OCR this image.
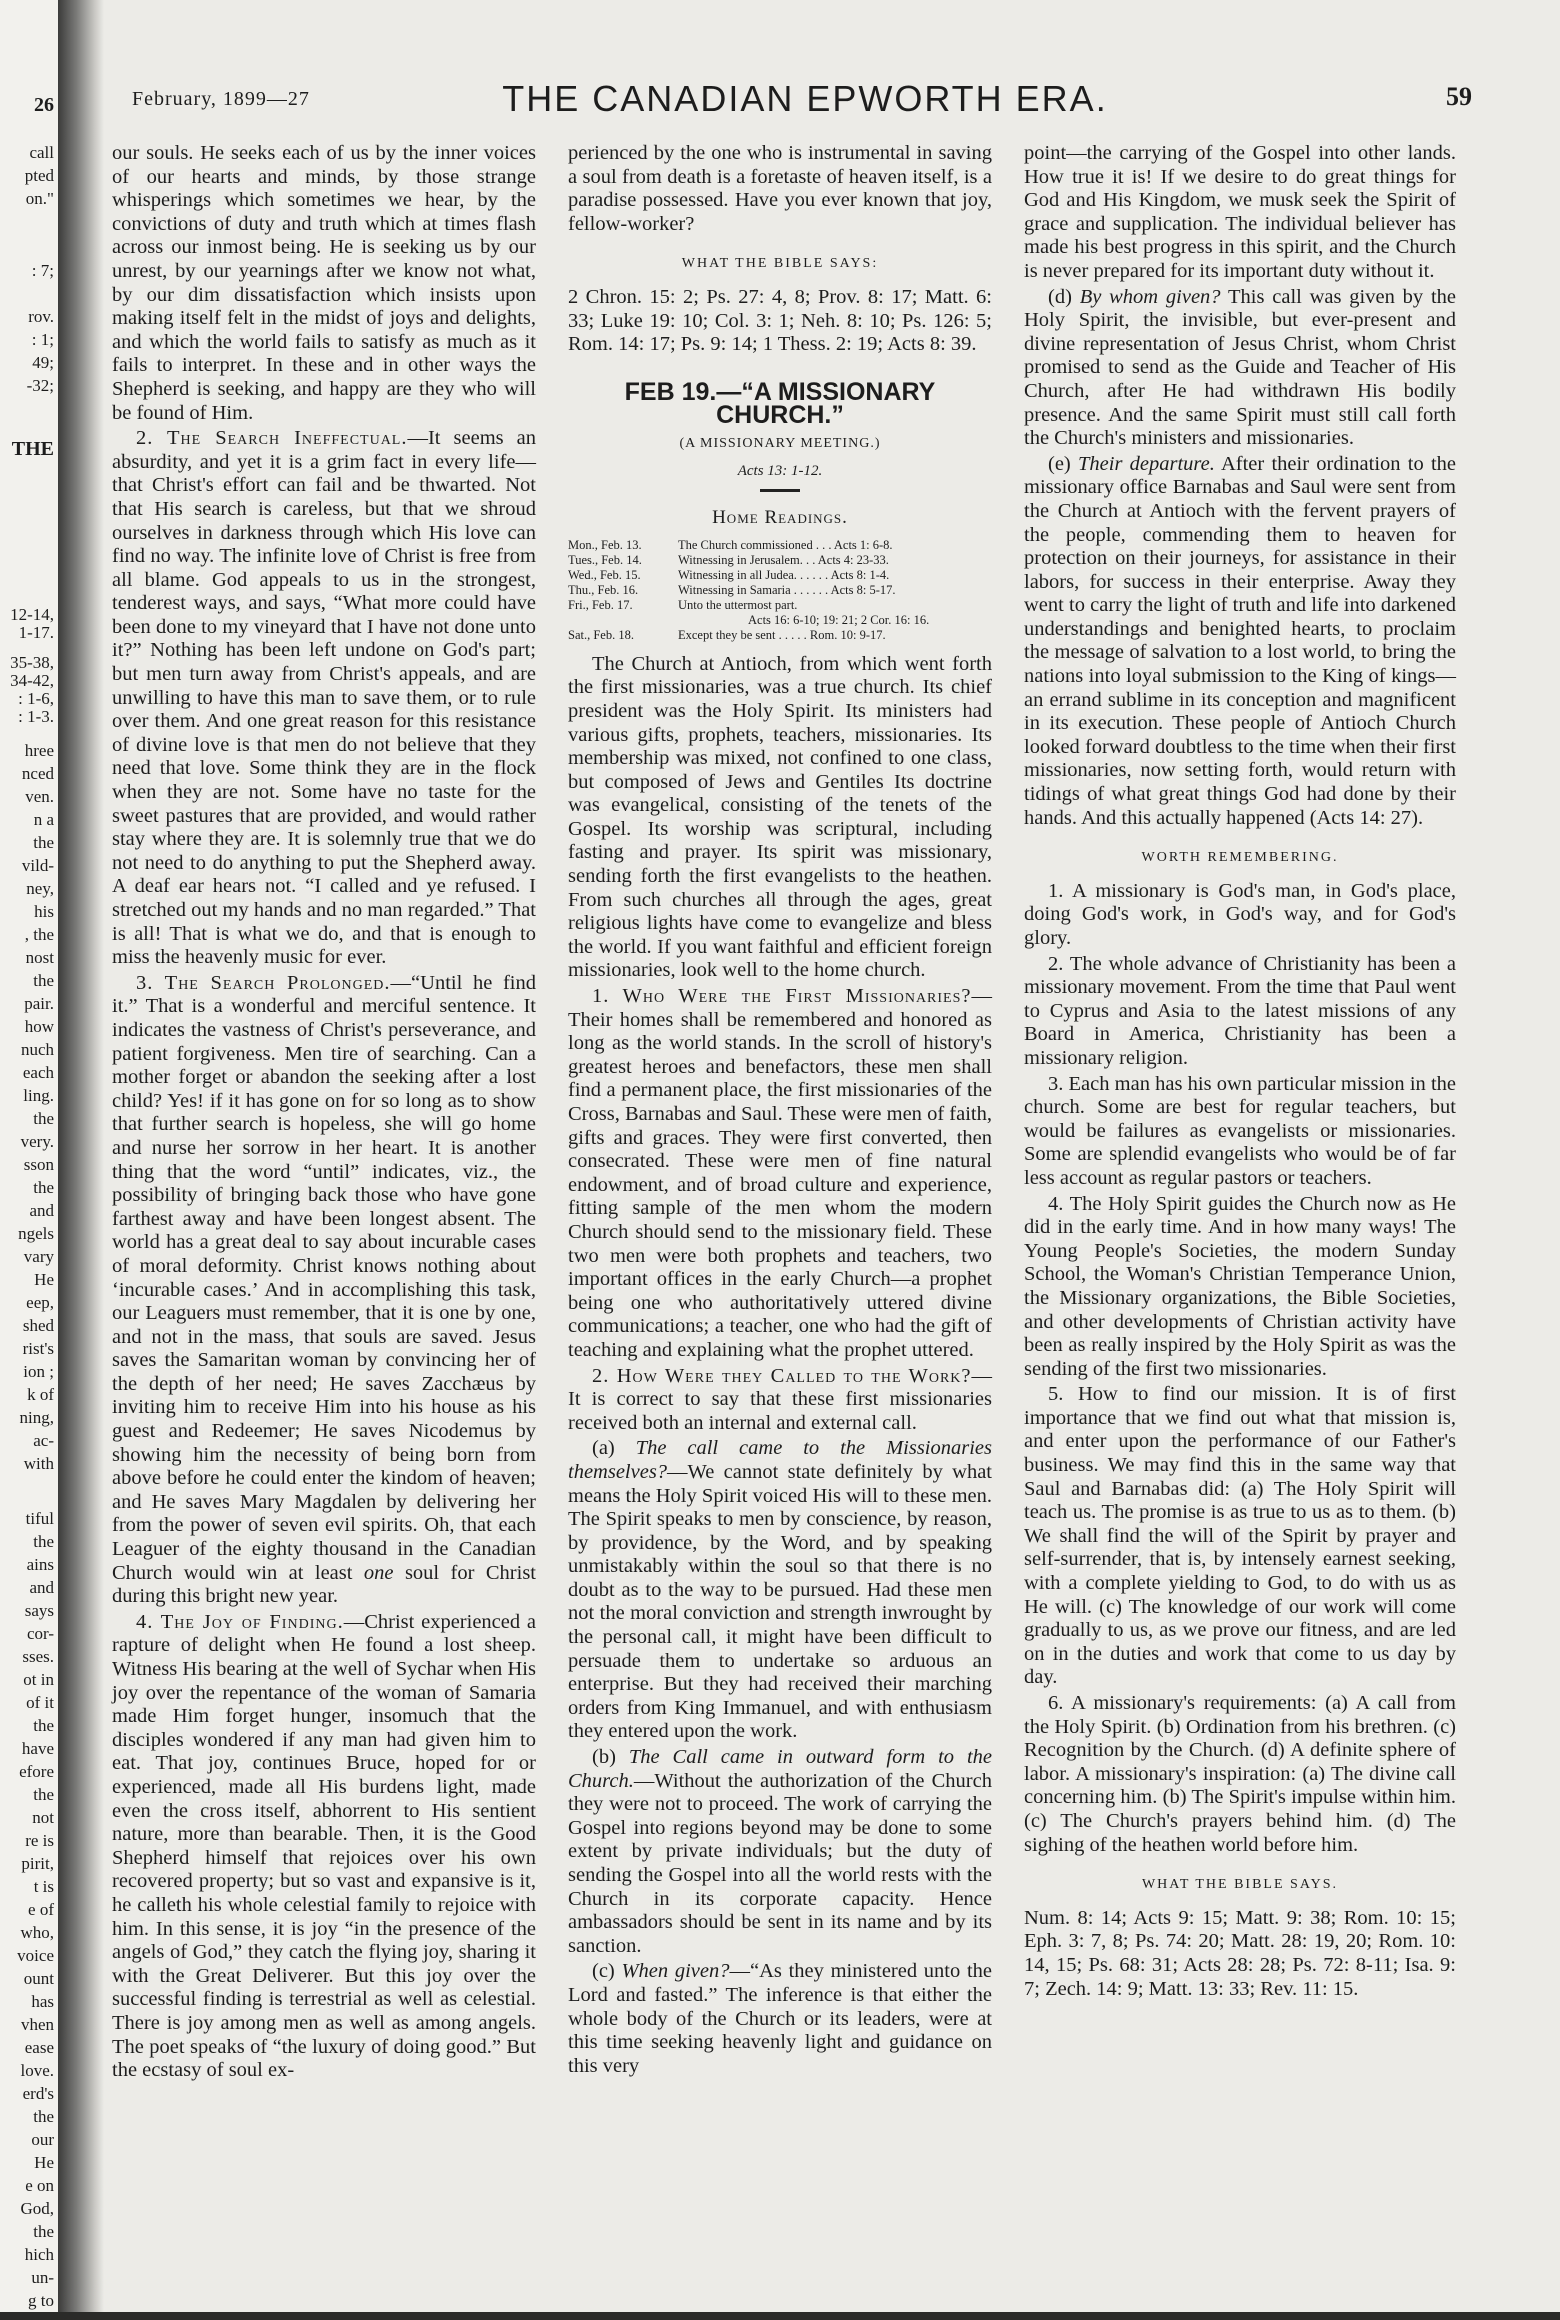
26
call
pted
on."
: 7;
rov.
: 1;
49;
-32;
THE
12-14,
1-17.
35-38,
34-42,
: 1-6,
: 1-3.
hree
nced
ven.
n a
the
vild-
ney,
his
, the
nost
the
pair.
how
nuch
each
ling.
the
very.
sson
the
and
ngels
vary
He
eep,
shed
rist's
ion ;
k of
ning,
ac-
with
tiful
the
ains
and
says
cor-
sses.
ot in
of it
the
have
efore
the
not
re is
pirit,
t is
e of
who,
voice
ount
has
vhen
ease
love.
erd's
the
our
He
e on
God,
the
hich
un-
g to
February, 1899—27	THE CANADIAN EPWORTH ERA.	59

our souls. He seeks each of us by the inner voices of our hearts and minds, by those strange whisperings which sometimes we hear, by the convictions of duty and truth which at times flash across our inmost being. He is seeking us by our unrest, by our yearnings after we know not what, by our dim dissatisfaction which insists upon making itself felt in the midst of joys and delights, and which the world fails to satisfy as much as it fails to interpret. In these and in other ways the Shepherd is seeking, and happy are they who will be found of Him.

2. The Search Ineffectual.—It seems an absurdity, and yet it is a grim fact in every life—that Christ's effort can fail and be thwarted. Not that His search is careless, but that we shroud ourselves in darkness through which His love can find no way. The infinite love of Christ is free from all blame. God appeals to us in the strongest, tenderest ways, and says, “What more could have been done to my vineyard that I have not done unto it?” Nothing has been left undone on God's part; but men turn away from Christ's appeals, and are unwilling to have this man to save them, or to rule over them. And one great reason for this resistance of divine love is that men do not believe that they need that love. Some think they are in the flock when they are not. Some have no taste for the sweet pastures that are provided, and would rather stay where they are. It is solemnly true that we do not need to do anything to put the Shepherd away. A deaf ear hears not. “I called and ye refused. I stretched out my hands and no man regarded.” That is all! That is what we do, and that is enough to miss the heavenly music for ever.

3. The Search Prolonged.—“Until he find it.” That is a wonderful and merciful sentence. It indicates the vastness of Christ's perseverance, and patient forgiveness. Men tire of searching. Can a mother forget or abandon the seeking after a lost child? Yes! if it has gone on for so long as to show that further search is hopeless, she will go home and nurse her sorrow in her heart. It is another thing that the word “until” indicates, viz., the possibility of bringing back those who have gone farthest away and have been longest absent. The world has a great deal to say about incurable cases of moral deformity. Christ knows nothing about ‘incurable cases.’ And in accomplishing this task, our Leaguers must remember, that it is one by one, and not in the mass, that souls are saved. Jesus saves the Samaritan woman by convincing her of the depth of her need; He saves Zacchæus by inviting him to receive Him into his house as his guest and Redeemer; He saves Nicodemus by showing him the necessity of being born from above before he could enter the kindom of heaven; and He saves Mary Magdalen by delivering her from the power of seven evil spirits. Oh, that each Leaguer of the eighty thousand in the Canadian Church would win at least one soul for Christ during this bright new year.

4. The Joy of Finding.—Christ experienced a rapture of delight when He found a lost sheep. Witness His bearing at the well of Sychar when His joy over the repentance of the woman of Samaria made Him forget hunger, insomuch that the disciples wondered if any man had given him to eat. That joy, continues Bruce, hoped for or experienced, made all His burdens light, made even the cross itself, abhorrent to His sentient nature, more than bearable. Then, it is the Good Shepherd himself that rejoices over his own recovered property; but so vast and expansive is it, he calleth his whole celestial family to rejoice with him. In this sense, it is joy “in the presence of the angels of God,” they catch the flying joy, sharing it with the Great Deliverer. But this joy over the successful finding is terrestrial as well as celestial. There is joy among men as well as among angels. The poet speaks of “the luxury of doing good.” But the ecstasy of soul ex-

perienced by the one who is instrumental in saving a soul from death is a foretaste of heaven itself, is a paradise possessed. Have you ever known that joy, fellow-worker?

WHAT THE BIBLE SAYS:

2 Chron. 15: 2; Ps. 27: 4, 8; Prov. 8: 17; Matt. 6: 33; Luke 19: 10; Col. 3: 1; Neh. 8: 10; Ps. 126: 5; Rom. 14: 17; Ps. 9: 14; 1 Thess. 2: 19; Acts 8: 39.

FEB 19.—“A MISSIONARY CHURCH.”
(A MISSIONARY MEETING.)
Acts 13: 1-12.
Home Readings.
Mon., Feb. 13.	The Church commissioned . . . Acts 1: 6-8.
Tues., Feb. 14.	Witnessing in Jerusalem. . . Acts 4: 23-33.
Wed., Feb. 15.	Witnessing in all Judea. . . . . . Acts 8: 1-4.
Thu., Feb. 16.	Witnessing in Samaria . . . . . . Acts 8: 5-17.
Fri., Feb. 17.	Unto the uttermost part.
Acts 16: 6-10; 19: 21; 2 Cor. 16: 16.
Sat., Feb. 18.	Except they be sent . . . . . Rom. 10: 9-17.

The Church at Antioch, from which went forth the first missionaries, was a true church. Its chief president was the Holy Spirit. Its ministers had various gifts, prophets, teachers, missionaries. Its membership was mixed, not confined to one class, but composed of Jews and Gentiles Its doctrine was evangelical, consisting of the tenets of the Gospel. Its worship was scriptural, including fasting and prayer. Its spirit was missionary, sending forth the first evangelists to the heathen. From such churches all through the ages, great religious lights have come to evangelize and bless the world. If you want faithful and efficient foreign missionaries, look well to the home church.

1. Who Were the First Missionaries?—Their homes shall be remembered and honored as long as the world stands. In the scroll of history's greatest heroes and benefactors, these men shall find a permanent place, the first missionaries of the Cross, Barnabas and Saul. These were men of faith, gifts and graces. They were first converted, then consecrated. These were men of fine natural endowment, and of broad culture and experience, fitting sample of the men whom the modern Church should send to the missionary field. These two men were both prophets and teachers, two important offices in the early Church—a prophet being one who authoritatively uttered divine communications; a teacher, one who had the gift of teaching and explaining what the prophet uttered.

2. How Were they Called to the Work?—It is correct to say that these first missionaries received both an internal and external call.

(a) The call came to the Missionaries themselves?—We cannot state definitely by what means the Holy Spirit voiced His will to these men. The Spirit speaks to men by conscience, by reason, by providence, by the Word, and by speaking unmistakably within the soul so that there is no doubt as to the way to be pursued. Had these men not the moral conviction and strength inwrought by the personal call, it might have been difficult to persuade them to undertake so arduous an enterprise. But they had received their marching orders from King Immanuel, and with enthusiasm they entered upon the work.

(b) The Call came in outward form to the Church.—Without the authorization of the Church they were not to proceed. The work of carrying the Gospel into regions beyond may be done to some extent by private individuals; but the duty of sending the Gospel into all the world rests with the Church in its corporate capacity. Hence ambassadors should be sent in its name and by its sanction.

(c) When given?—“As they ministered unto the Lord and fasted.” The inference is that either the whole body of the Church or its leaders, were at this time seeking heavenly light and guidance on this very

point—the carrying of the Gospel into other lands. How true it is! If we desire to do great things for God and His Kingdom, we musk seek the Spirit of grace and supplication. The individual believer has made his best progress in this spirit, and the Church is never prepared for its important duty without it.

(d) By whom given? This call was given by the Holy Spirit, the invisible, but ever-present and divine representation of Jesus Christ, whom Christ promised to send as the Guide and Teacher of His Church, after He had withdrawn His bodily presence. And the same Spirit must still call forth the Church's ministers and missionaries.

(e) Their departure. After their ordination to the missionary office Barnabas and Saul were sent from the Church at Antioch with the fervent prayers of the people, commending them to heaven for protection on their journeys, for assistance in their labors, for success in their enterprise. Away they went to carry the light of truth and life into darkened understandings and benighted hearts, to proclaim the message of salvation to a lost world, to bring the nations into loyal submission to the King of kings—an errand sublime in its conception and magnificent in its execution. These people of Antioch Church looked forward doubtless to the time when their first missionaries, now setting forth, would return with tidings of what great things God had done by their hands. And this actually happened (Acts 14: 27).

WORTH REMEMBERING.

1. A missionary is God's man, in God's place, doing God's work, in God's way, and for God's glory.

2. The whole advance of Christianity has been a missionary movement. From the time that Paul went to Cyprus and Asia to the latest missions of any Board in America, Christianity has been a missionary religion.

3. Each man has his own particular mission in the church. Some are best for regular teachers, but would be failures as evangelists or missionaries. Some are splendid evangelists who would be of far less account as regular pastors or teachers.

4. The Holy Spirit guides the Church now as He did in the early time. And in how many ways! The Young People's Societies, the modern Sunday School, the Woman's Christian Temperance Union, the Missionary organizations, the Bible Societies, and other developments of Christian activity have been as really inspired by the Holy Spirit as was the sending of the first two missionaries.

5. How to find our mission. It is of first importance that we find out what that mission is, and enter upon the performance of our Father's business. We may find this in the same way that Saul and Barnabas did: (a) The Holy Spirit will teach us. The promise is as true to us as to them. (b) We shall find the will of the Spirit by prayer and self-surrender, that is, by intensely earnest seeking, with a complete yielding to God, to do with us as He will. (c) The knowledge of our work will come gradually to us, as we prove our fitness, and are led on in the duties and work that come to us day by day.

6. A missionary's requirements: (a) A call from the Holy Spirit. (b) Ordination from his brethren. (c) Recognition by the Church. (d) A definite sphere of labor. A missionary's inspiration: (a) The divine call concerning him. (b) The Spirit's impulse within him. (c) The Church's prayers behind him. (d) The sighing of the heathen world before him.

WHAT THE BIBLE SAYS.

Num. 8: 14; Acts 9: 15; Matt. 9: 38; Rom. 10: 15; Eph. 3: 7, 8; Ps. 74: 20; Matt. 28: 19, 20; Rom. 10: 14, 15; Ps. 68: 31; Acts 28: 28; Ps. 72: 8-11; Isa. 9: 7; Zech. 14: 9; Matt. 13: 33; Rev. 11: 15.
